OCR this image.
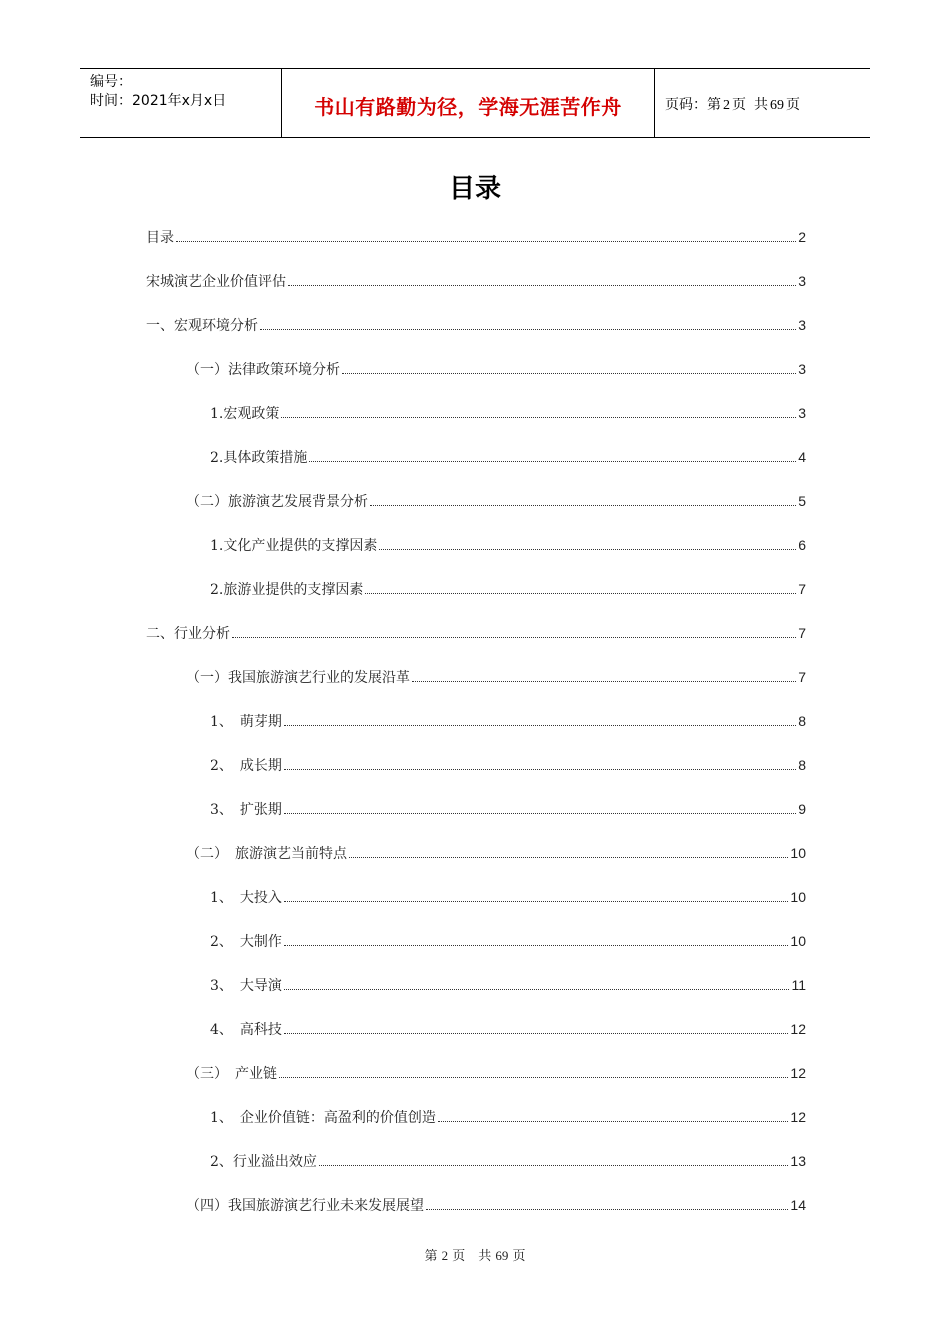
编号：
时间：2021年x月x日	书山有路勤为径，学海无涯苦作舟	页码：第 2 页 共 69 页
目录
目录	2
宋城演艺企业价值评估	3
一、宏观环境分析	3
（一）法律政策环境分析	3
1.宏观政策	3
2.具体政策措施	4
（二）旅游演艺发展背景分析	5
1.文化产业提供的支撑因素	6
2.旅游业提供的支撑因素	7
二、行业分析	7
（一）我国旅游演艺行业的发展沿革	7
1、　萌芽期	8
2、　成长期	8
3、　扩张期	9
（二）　旅游演艺当前特点	10
1、　大投入	10
2、　大制作	10
3、　大导演	11
4、　高科技	12
（三）　产业链	12
1、　企业价值链：高盈利的价值创造	12
2、行业溢出效应	13
（四）我国旅游演艺行业未来发展展望	14
第 2 页　共 69 页
